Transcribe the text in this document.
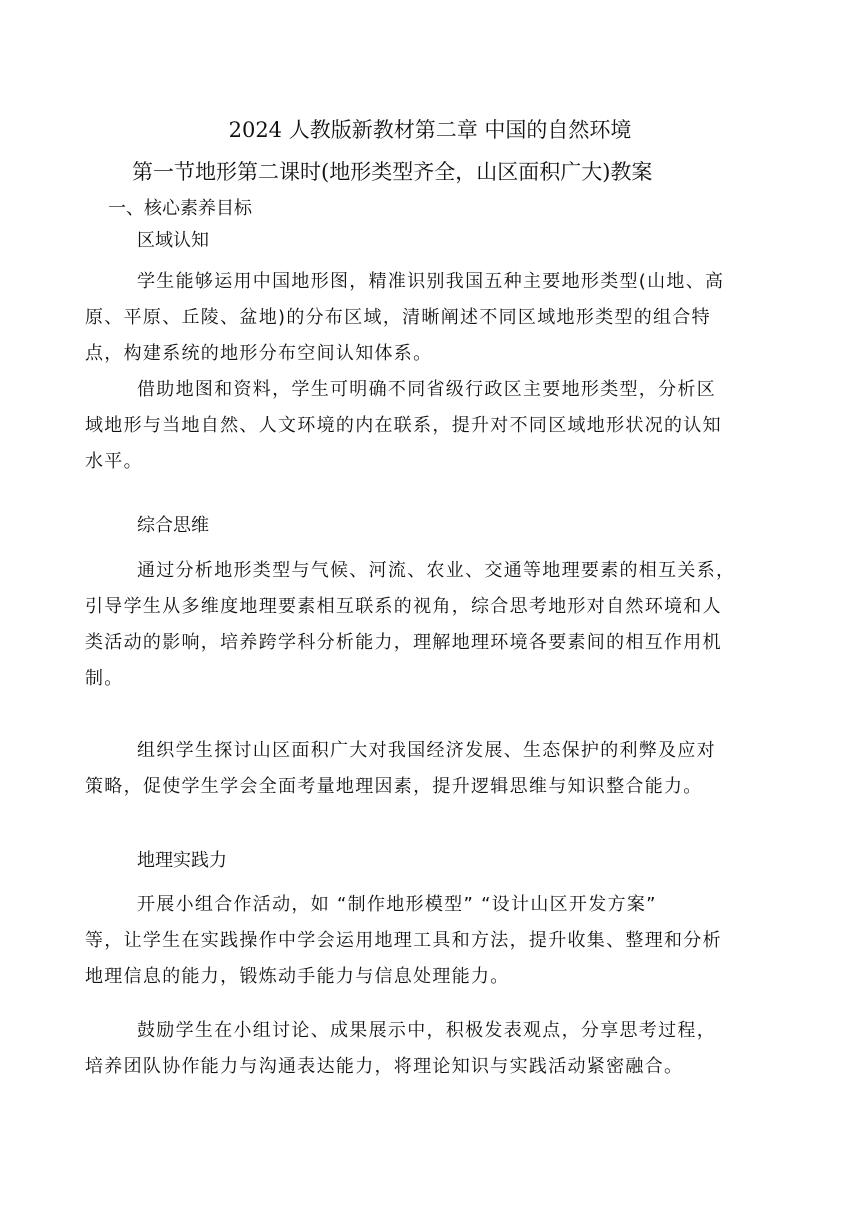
2024 人教版新教材第二章 中国的自然环境
第一节地形第二课时(地形类型齐全，山区面积广大)教案
一、核心素养目标
区域认知
学生能够运用中国地形图，精准识别我国五种主要地形类型(山地、高
原、平原、丘陵、盆地)的分布区域，清晰阐述不同区域地形类型的组合特
点，构建系统的地形分布空间认知体系。
借助地图和资料，学生可明确不同省级行政区主要地形类型，分析区
域地形与当地自然、人文环境的内在联系，提升对不同区域地形状况的认知
水平。
综合思维
通过分析地形类型与气候、河流、农业、交通等地理要素的相互关系，
引导学生从多维度地理要素相互联系的视角，综合思考地形对自然环境和人
类活动的影响，培养跨学科分析能力，理解地理环境各要素间的相互作用机
制。
组织学生探讨山区面积广大对我国经济发展、生态保护的利弊及应对
策略，促使学生学会全面考量地理因素，提升逻辑思维与知识整合能力。
地理实践力
开展小组合作活动，如 “制作地形模型” “设计山区开发方案”
等，让学生在实践操作中学会运用地理工具和方法，提升收集、整理和分析
地理信息的能力，锻炼动手能力与信息处理能力。
鼓励学生在小组讨论、成果展示中，积极发表观点，分享思考过程，
培养团队协作能力与沟通表达能力，将理论知识与实践活动紧密融合。
